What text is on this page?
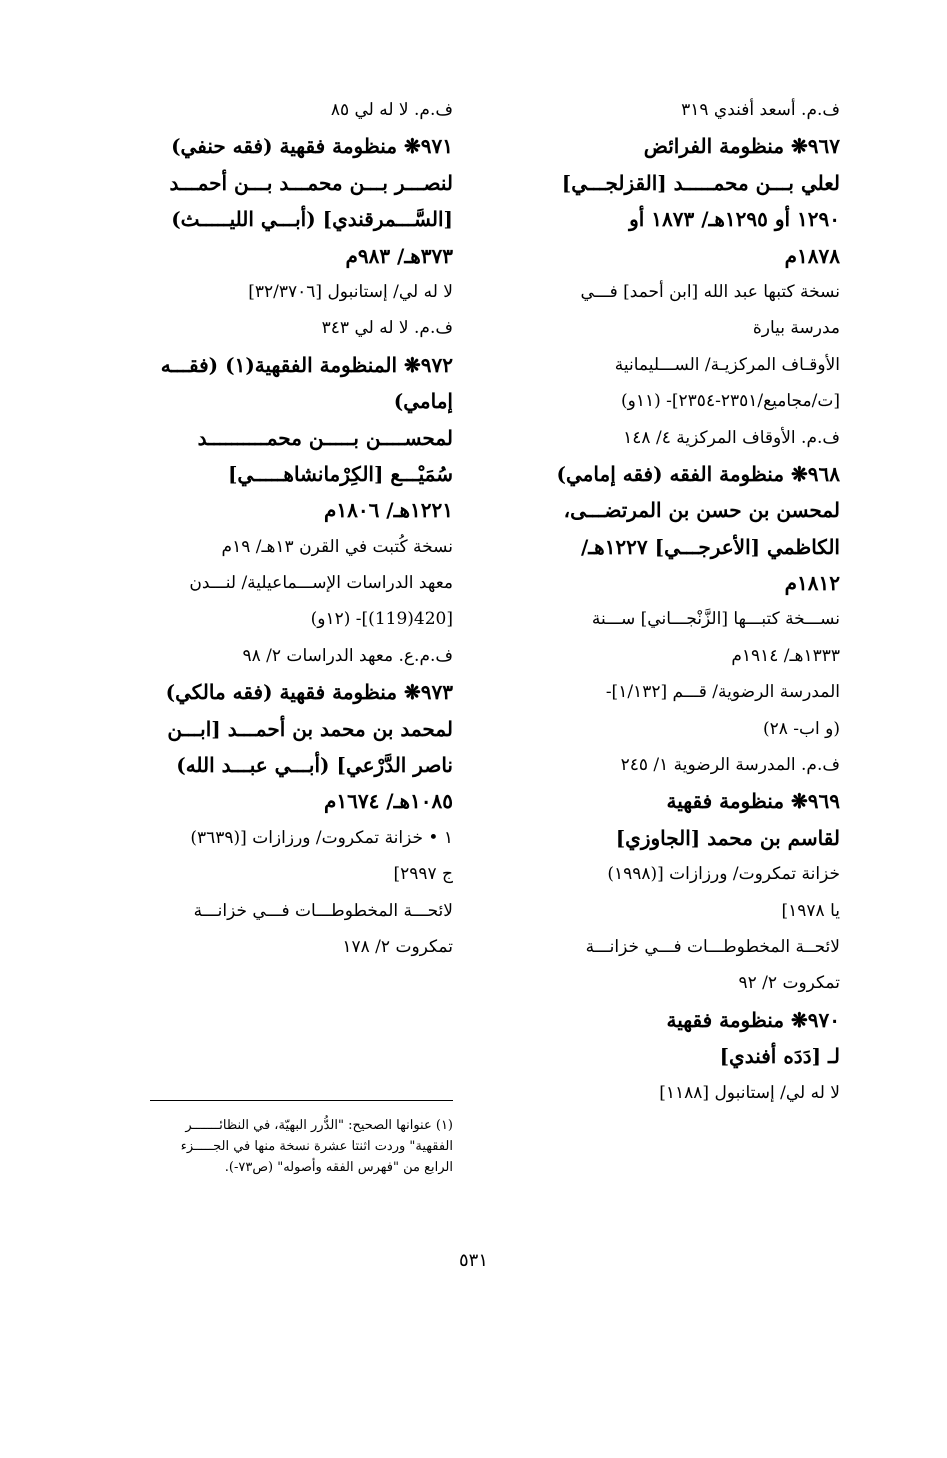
ف.م. أسعد أفندي ٣١٩
٩٦٧❋ منظومة الفرائض
لعلي بـــن محمـــــد [القزلجـــي]
١٢٩٠ أو ١٢٩٥هـ/ ١٨٧٣ أو
١٨٧٨م
نسخة كتبها عبد الله [ابن أحمد] فـــي
مدرسة بيارة
الأوقـاف المركزيـة/ الســـليمانية
[ت/مجاميع/٢٣٥١-٢٣٥٤]- (١١و)
ف.م. الأوقاف المركزية ٤/ ١٤٨
٩٦٨❋ منظومة الفقه (فقه إمامي)
لمحسن بن حسن بن المرتضـــى،
الكاظمي [الأعرجـــي] ١٢٢٧هـ/
١٨١٢م
نســـخة كتبـــها [الزَّنْجـــاني] ســـنة
١٣٣٣هـ/ ١٩١٤م
المدرسة الرضوية/ قـــم [١/١٣٢]-
(و اب- ٢٨)
ف.م. المدرسة الرضوية ١/ ٢٤٥
٩٦٩❋ منظومة فقهية
لقاسم بن محمد [الجاوزي]
خزانة تمكروت/ ورزازات [(١٩٩٨)
يا ١٩٧٨]
لائحــة المخطوطـــات فـــي خزانـــة
تمكروت ٢/ ٩٢
٩٧٠❋ منظومة فقهية
لـ [دَدَه أفندي]
لا له لي/ إستانبول [١١٨٨]
ف.م. لا له لي ٨٥
٩٧١❋ منظومة فقهية (فقه حنفي)
لنصـــر بـــن محمـــد بـــن أحمـــد
[السَّـــمرقندي] (أبـــي الليـــــث)
٣٧٣هـ/ ٩٨٣م
لا له لي/ إستانبول [٣٢/٣٧٠٦]
ف.م. لا له لي ٣٤٣
٩٧٢❋ المنظومة الفقهية(١) (فقـــه
إمامي)
لمحســــن بـــــن محمــــــــــد
سُمَيْـــع [الكِرْمانشاهـــــي]
١٢٢١هـ/ ١٨٠٦م
نسخة كُتبت في القرن ١٣هـ/ ١٩م
معهد الدراسات الإســـماعيلية/ لنـــدن
[420(119)]- (١٢و)
ف.م.ع. معهد الدراسات ٢/ ٩٨
٩٧٣❋ منظومة فقهية (فقه مالكي)
لمحمد بن محمد بن أحمـــد [ابـــن
ناصر الدَّرْعي] (أبـــي عبـــد الله)
١٠٨٥هـ/ ١٦٧٤م
١ • خزانة تمكروت/ ورزازات [(٣٦٣٩)
ج ٢٩٩٧]
لائحـــة المخطوطـــات فـــي خزانـــة
تمكروت ٢/ ١٧٨
(١) عنوانها الصحيح: "الدُّرر البهيّة، في النظائـــــــر
الفقهية" وردت اثنتا عشرة نسخة منها في الجـــــزء
الرابع من "فهرس الفقه وأصوله" (ص٧٣-).
٥٣١
